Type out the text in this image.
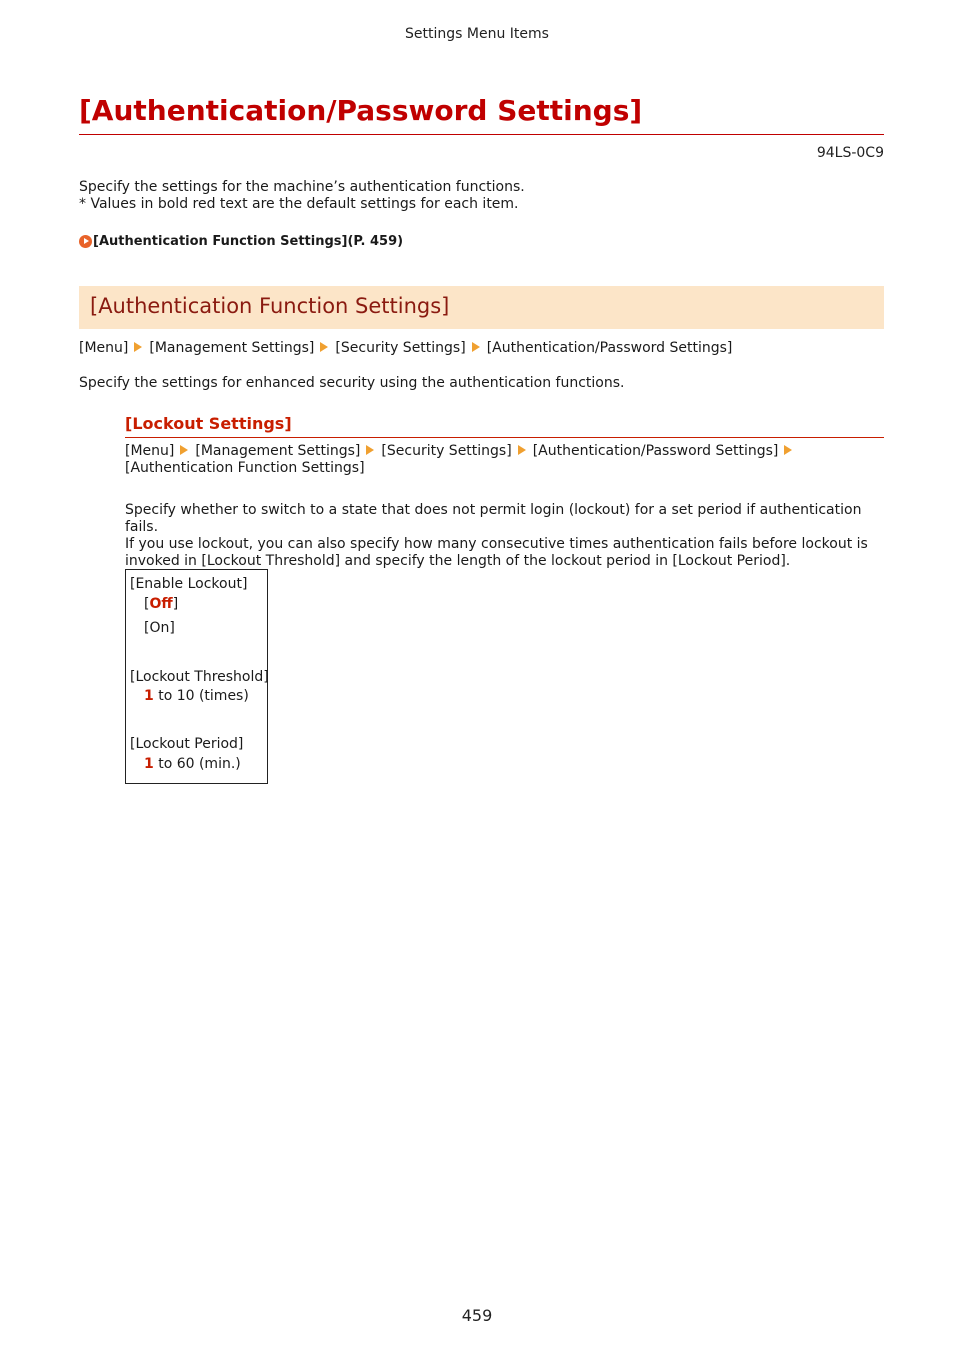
Settings Menu Items
[Authentication/Password Settings]
94LS-0C9
Specify the settings for the machine’s authentication functions.
* Values in bold red text are the default settings for each item.
[Authentication Function Settings](P. 459)
[Authentication Function Settings]
[Menu] [Management Settings] [Security Settings] [Authentication/Password Settings]
Specify the settings for enhanced security using the authentication functions.
[Lockout Settings]
[Menu] [Management Settings] [Security Settings] [Authentication/Password Settings][Authentication Function Settings]
Specify whether to switch to a state that does not permit login (lockout) for a set period if authentication fails.
If you use lockout, you can also specify how many consecutive times authentication fails before lockout is
invoked in [Lockout Threshold] and specify the length of the lockout period in [Lockout Period].
[Enable Lockout]
[Off]
[On]
[Lockout Threshold]
1 to 10 (times)
[Lockout Period]
1 to 60 (min.)
459
